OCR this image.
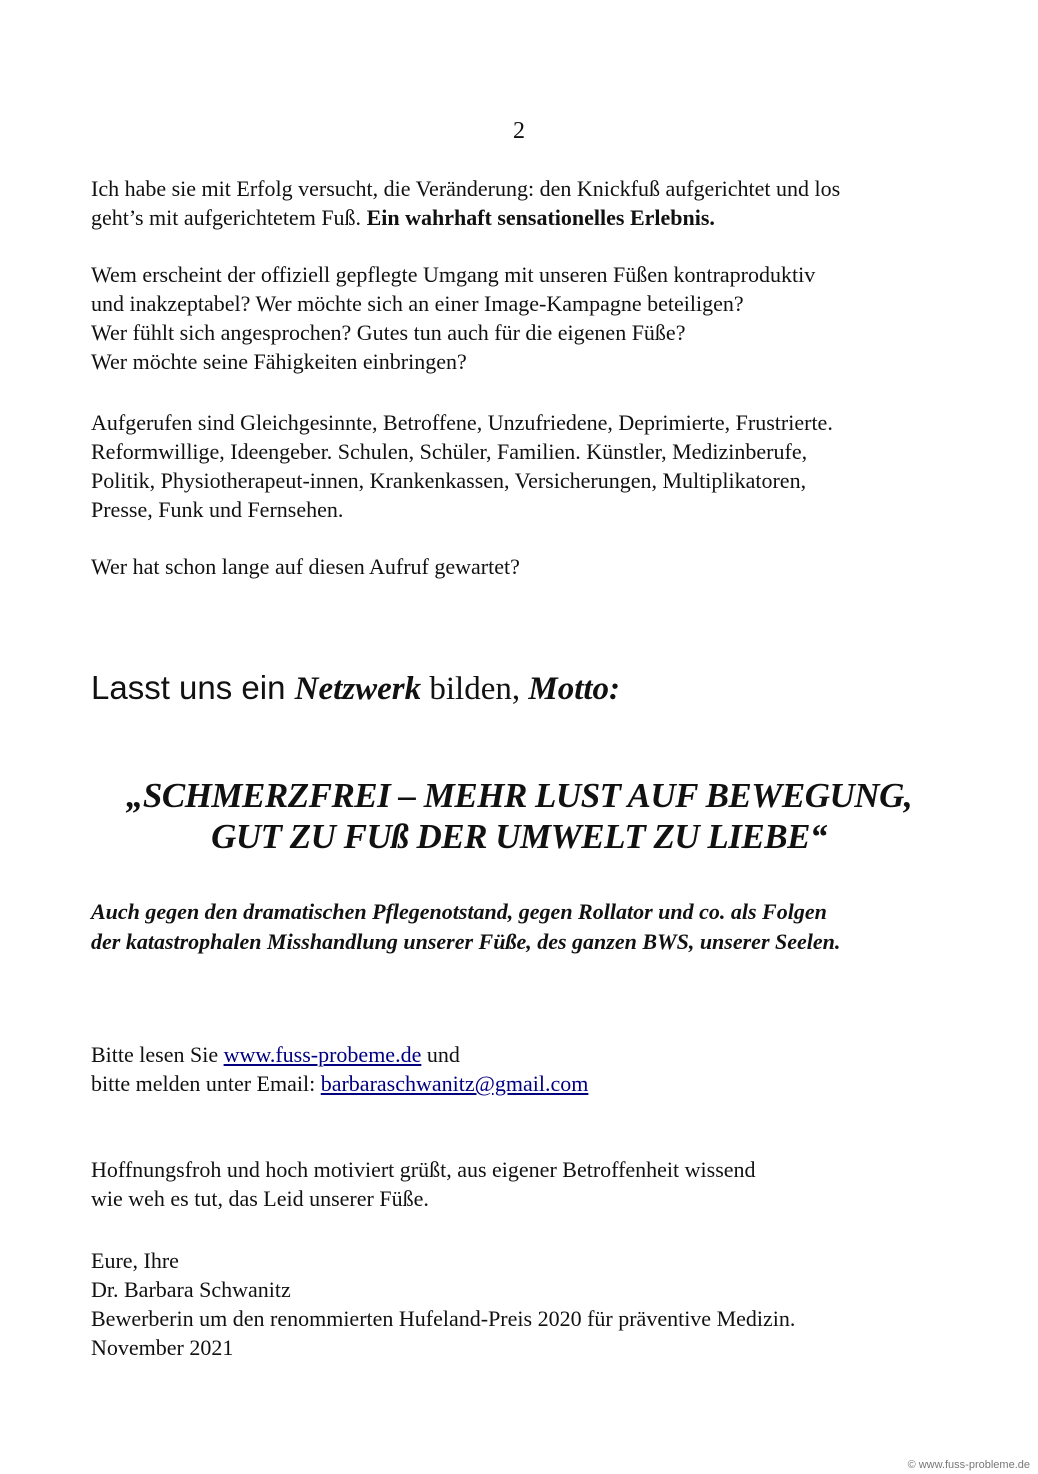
2

Ich habe sie mit Erfolg versucht, die Veränderung: den Knickfuß aufgerichtet und los

geht’s mit aufgerichtetem Fuß. Ein wahrhaft sensationelles Erlebnis.

Wem erscheint der offiziell gepflegte Umgang mit unseren Füßen kontraproduktiv

und inakzeptabel? Wer möchte sich an einer Image-Kampagne beteiligen?

Wer fühlt sich angesprochen? Gutes tun auch für die eigenen Füße?

Wer möchte seine Fähigkeiten einbringen?

Aufgerufen sind Gleichgesinnte, Betroffene, Unzufriedene, Deprimierte, Frustrierte.

Reformwillige, Ideengeber. Schulen, Schüler, Familien. Künstler, Medizinberufe,

Politik, Physiotherapeut-innen, Krankenkassen, Versicherungen, Multiplikatoren,

Presse, Funk und Fernsehen.

Wer hat schon lange auf diesen Aufruf gewartet?

Lasst uns ein Netzwerk bilden, Motto:

„SCHMERZFREI – MEHR LUST AUF BEWEGUNG,

GUT ZU FUß DER UMWELT ZU LIEBE“

Auch gegen den dramatischen Pflegenotstand, gegen Rollator und co. als Folgen

der katastrophalen Misshandlung unserer Füße, des ganzen BWS, unserer Seelen.

Bitte lesen Sie www.fuss-probeme.de und

bitte melden unter Email: barbaraschwanitz@gmail.com

Hoffnungsfroh und hoch motiviert grüßt, aus eigener Betroffenheit wissend

wie weh es tut, das Leid unserer Füße.

Eure, Ihre

Dr. Barbara Schwanitz

Bewerberin um den renommierten Hufeland-Preis 2020 für präventive Medizin.

November 2021

© www.fuss-probleme.de
